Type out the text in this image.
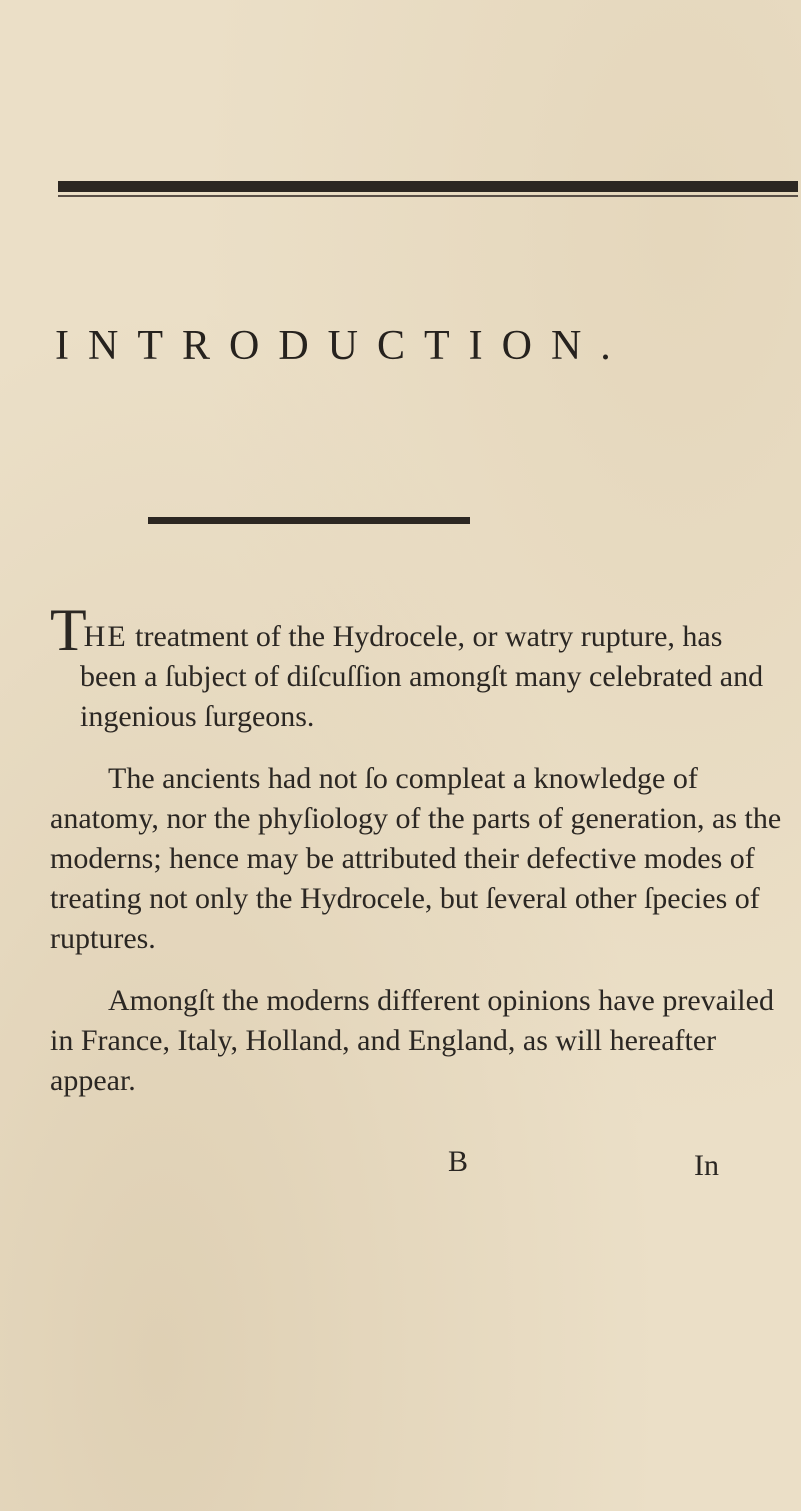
INTRODUCTION.

THE treatment of the Hydrocele, or watry rupture, has been a ſubject of diſcuſſion amongſt many celebrated and ingenious ſurgeons.

The ancients had not ſo compleat a knowledge of anatomy, nor the phyſiology of the parts of generation, as the moderns; hence may be attributed their defective modes of treating not only the Hydrocele, but ſeveral other ſpecies of ruptures.

Amongſt the moderns different opinions have prevailed in France, Italy, Holland, and England, as will hereafter appear.

B	In
